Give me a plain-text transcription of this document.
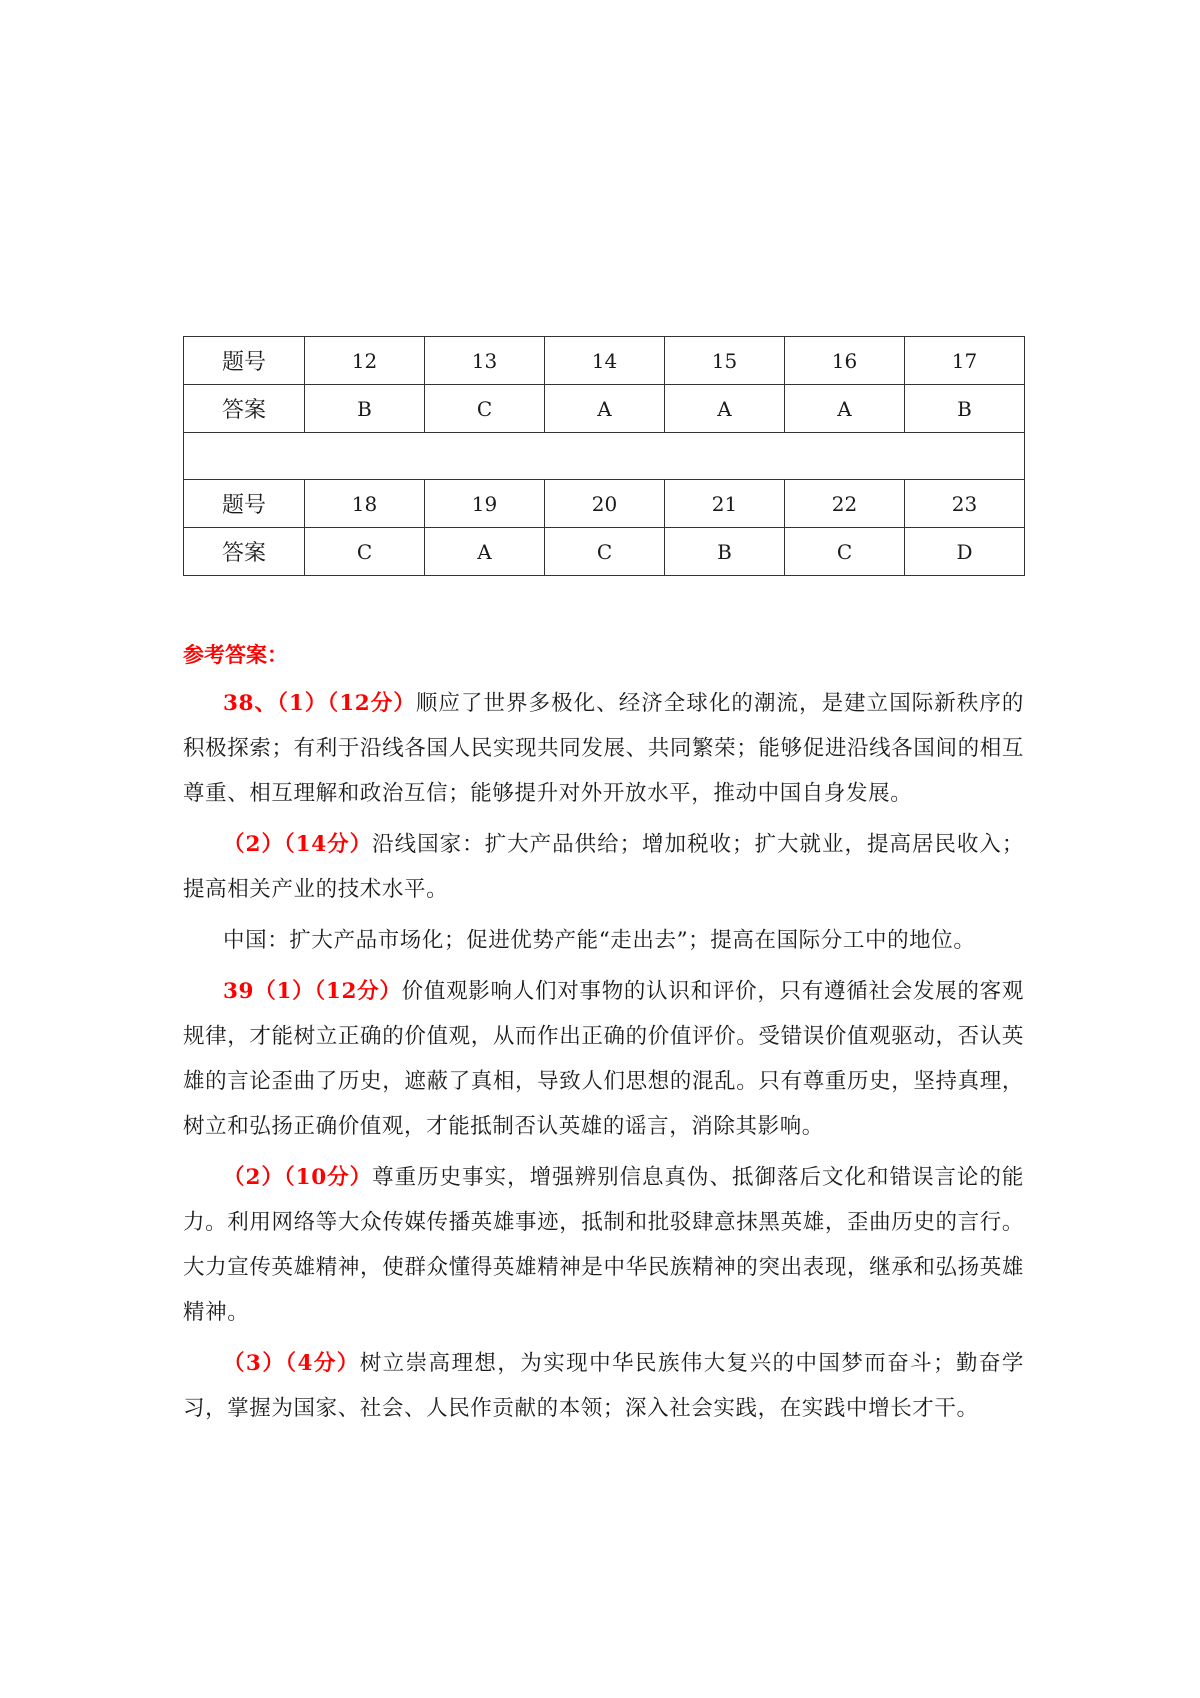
题号	12	13	14	15	16	17
答案	B	C	A	A	A	B

题号	18	19	20	21	22	23
答案	C	A	C	B	C	D
参考答案：

38、（1）（12分）顺应了世界多极化、经济全球化的潮流，是建立国际新秩序的积极探索；有利于沿线各国人民实现共同发展、共同繁荣；能够促进沿线各国间的相互尊重、相互理解和政治互信；能够提升对外开放水平，推动中国自身发展。

（2）（14分）沿线国家：扩大产品供给；增加税收；扩大就业，提高居民收入；提高相关产业的技术水平。

中国：扩大产品市场化；促进优势产能“走出去”；提高在国际分工中的地位。

39（1）（12分）价值观影响人们对事物的认识和评价，只有遵循社会发展的客观规律，才能树立正确的价值观，从而作出正确的价值评价。受错误价值观驱动，否认英雄的言论歪曲了历史，遮蔽了真相，导致人们思想的混乱。只有尊重历史，坚持真理，树立和弘扬正确价值观，才能抵制否认英雄的谣言，消除其影响。

（2）（10分）尊重历史事实，增强辨别信息真伪、抵御落后文化和错误言论的能力。利用网络等大众传媒传播英雄事迹，抵制和批驳肆意抹黑英雄，歪曲历史的言行。大力宣传英雄精神，使群众懂得英雄精神是中华民族精神的突出表现，继承和弘扬英雄精神。

（3）（4分）树立崇高理想，为实现中华民族伟大复兴的中国梦而奋斗；勤奋学习，掌握为国家、社会、人民作贡献的本领；深入社会实践，在实践中增长才干。
